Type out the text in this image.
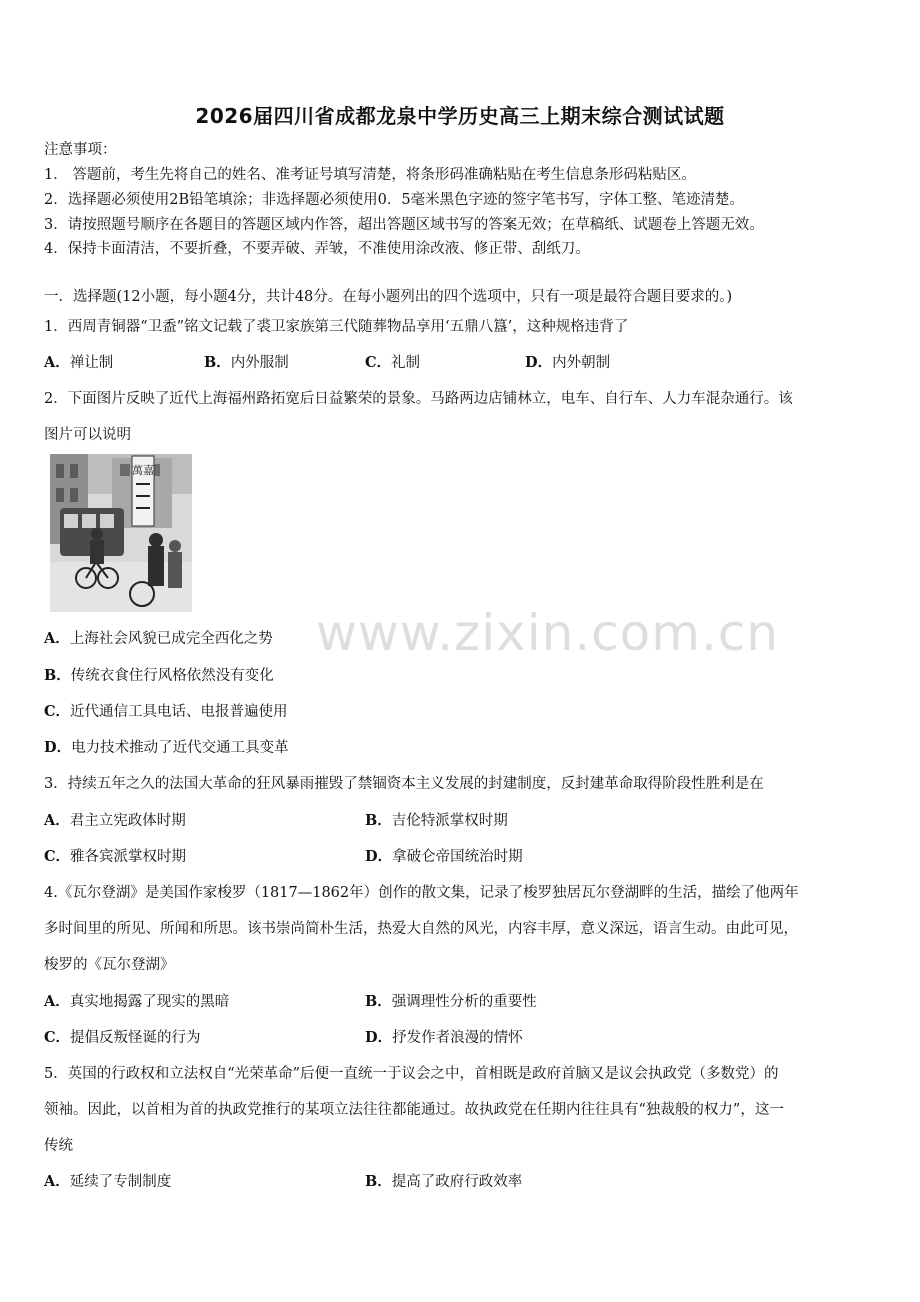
2026届四川省成都龙泉中学历史高三上期末综合测试试题
注意事项：
1． 答题前，考生先将自己的姓名、准考证号填写清楚，将条形码准确粘贴在考生信息条形码粘贴区。
2．选择题必须使用2B铅笔填涂；非选择题必须使用0．5毫米黑色字迹的签字笔书写，字体工整、笔迹清楚。
3．请按照题号顺序在各题目的答题区域内作答，超出答题区域书写的答案无效；在草稿纸、试题卷上答题无效。
4．保持卡面清洁，不要折叠，不要弄破、弄皱，不准使用涂改液、修正带、刮纸刀。
一．选择题(12小题，每小题4分，共计48分。在每小题列出的四个选项中，只有一项是最符合题目要求的。)
1．西周青铜器“卫盉”铭文记载了裘卫家族第三代随葬物品享用‘五鼎八簋’，这种规格违背了
A．禅让制	B．内外服制	C．礼制	D．内外朝制
2．下面图片反映了近代上海福州路拓宽后日益繁荣的景象。马路两边店铺林立，电车、自行车、人力车混杂通行。该
图片可以说明
萬嘉
www.zixin.com.cn
A．上海社会风貌已成完全西化之势
B．传统衣食住行风格依然没有变化
C．近代通信工具电话、电报普遍使用
D．电力技术推动了近代交通工具变革
3．持续五年之久的法国大革命的狂风暴雨摧毁了禁锢资本主义发展的封建制度，反封建革命取得阶段性胜利是在
A．君主立宪政体时期	B．吉伦特派掌权时期
C．雅各宾派掌权时期	D．拿破仑帝国统治时期
4.《瓦尔登湖》是美国作家梭罗（1817—1862年）创作的散文集，记录了梭罗独居瓦尔登湖畔的生活，描绘了他两年
多时间里的所见、所闻和所思。该书崇尚简朴生活，热爱大自然的风光，内容丰厚，意义深远，语言生动。由此可见，
梭罗的《瓦尔登湖》
A．真实地揭露了现实的黑暗	B．强调理性分析的重要性
C．提倡反叛怪诞的行为	D．抒发作者浪漫的情怀
5．英国的行政权和立法权自“光荣革命”后便一直统一于议会之中，首相既是政府首脑又是议会执政党（多数党）的
领袖。因此，以首相为首的执政党推行的某项立法往往都能通过。故执政党在任期内往往具有“独裁般的权力”，这一
传统
A．延续了专制制度	B．提高了政府行政效率
